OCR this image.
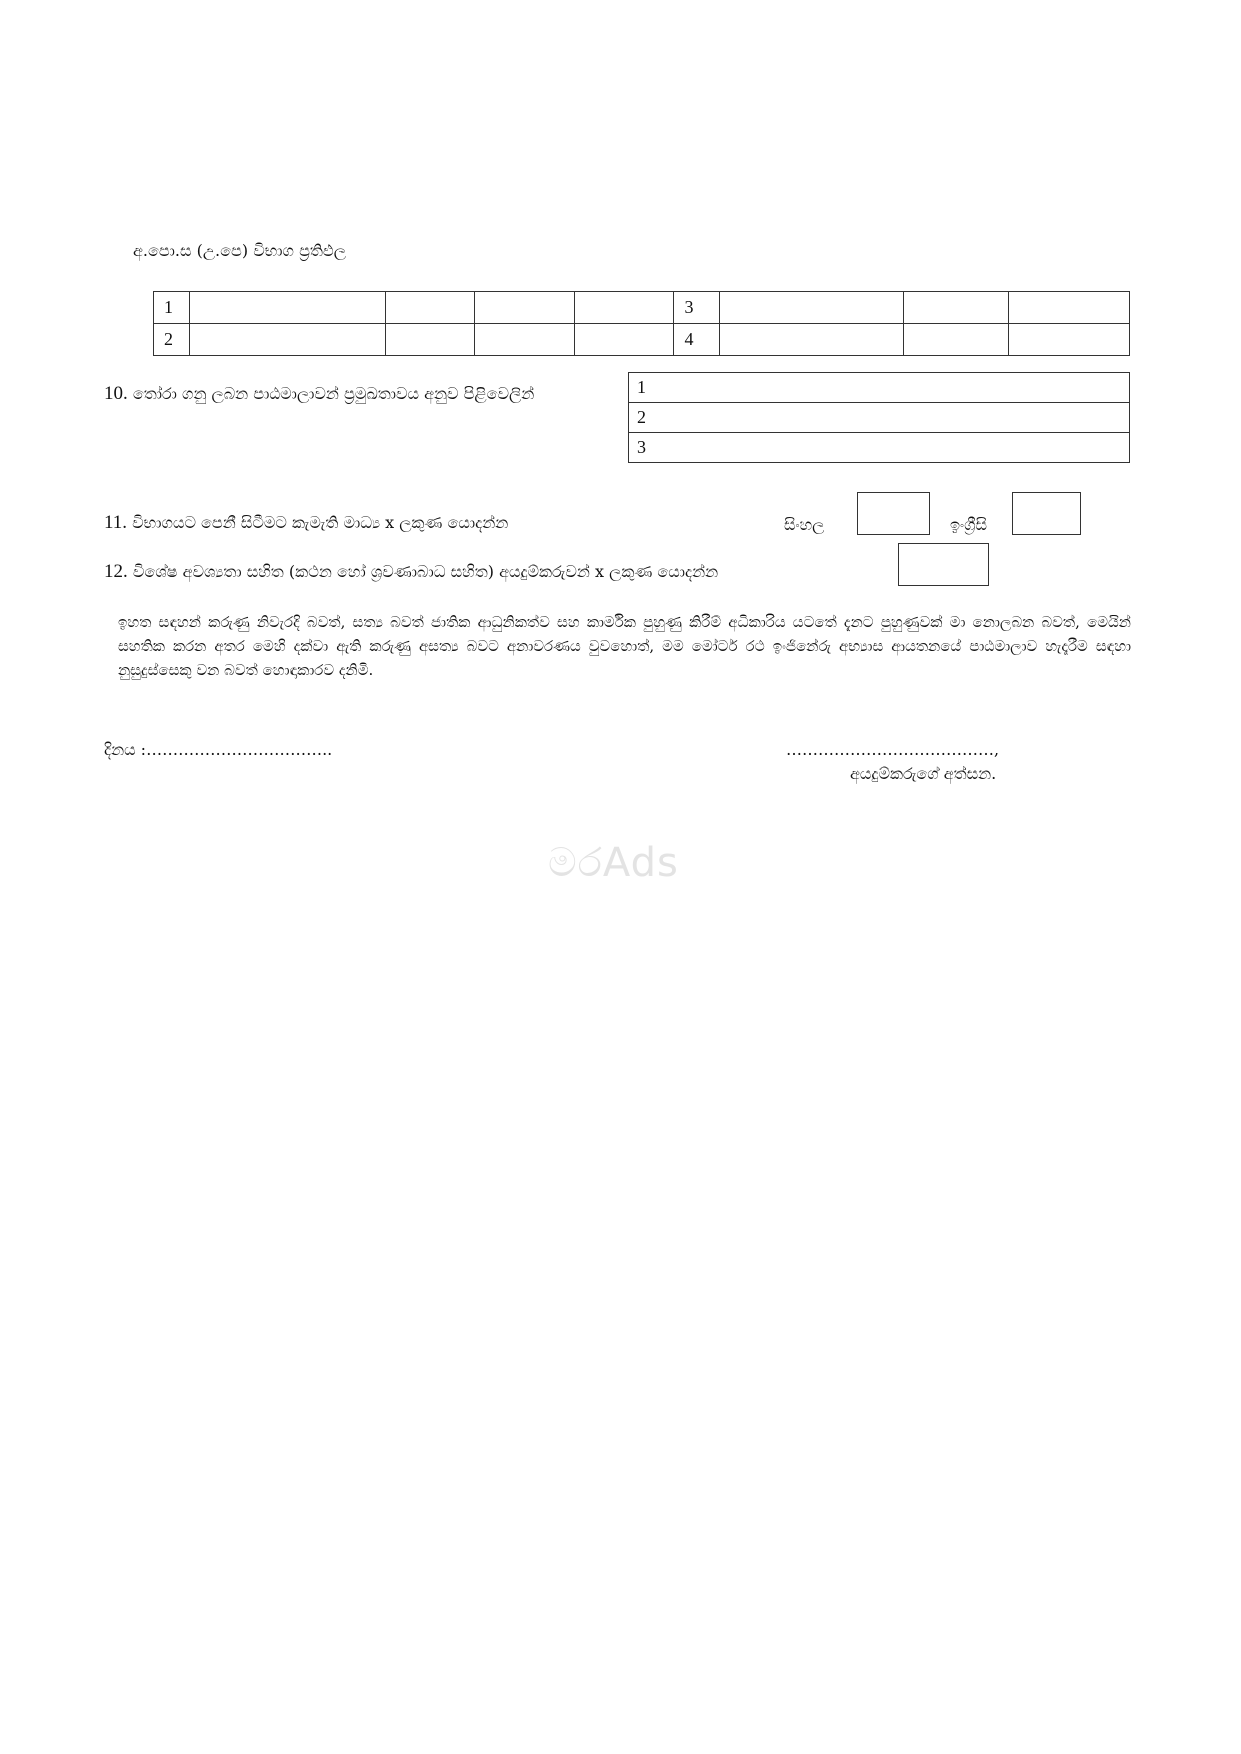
අ.පො.ස (උ.පෙ) විභාග ප්‍රතිඵල
1					3			
2					4			
10. තෝරා ගනු ලබන පාඨමාලාවන් ප්‍රමුඛතාවය අනුව පිළිවෙලින්	1
2
3
11. විභාගයට පෙනී සිටීමට කැමැති මාධ්‍ය x ලකුණ යොදන්න	සිංහල	ඉංග්‍රීසි
12. විශේෂ අවශ්‍යතා සහිත (කථන හෝ ශ්‍රවණාබාධ සහිත) අයදුම්කරුවන් x ලකුණ යොදන්න
ඉහත සඳහන් කරුණු නිවැරදි බවත්, සත්‍ය බවත් ජාතික ආධුනිකත්ව සහ කාර්මික පුහුණු කිරීම් අධිකාරිය යටතේ දැනට පුහුණුවක් මා නොලබන බවත්, මෙයින් සහතික කරන අතර මෙහි දක්වා ඇති කරුණු අසත්‍ය බවට අනාවරණය වුවහොත්, මම මෝටර් රථ ඉංජිනේරු අභ්‍යාස ආයතනයේ පාඨමාලාව හැදෑරීම සඳහා නුසුදුස්සෙකු වන බවත් හොඳාකාරව දනිමි.
දිනය :……………………………..	…………………………………,
අයදුම්කරුගේ අත්සන.
මරAds
